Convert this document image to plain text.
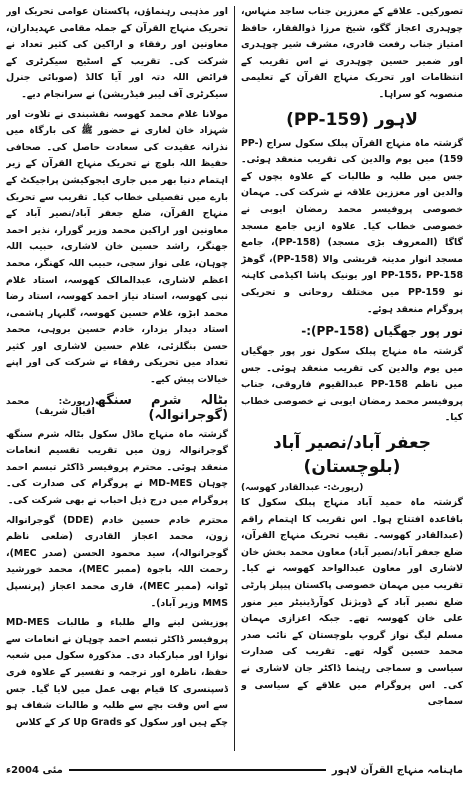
تصورکیں۔ علاقے کے معززین جناب ساجد منہاس، چوہدری اعجاز گگو، شیخ مرزا ذوالفقار، حافظ امتیاز جناب رفعت قادری، مشرف شیر چوہدری اور ضمیر حسین چوہدری نے اس تقریب کے انتظامات اور تحریک منہاج القرآن کے تعلیمی منصوبہ کو سراہا۔

لاہور (PP-159)

گزشتہ ماہ منہاج القرآن پبلک سکول سراج (PP-159) میں یوم والدین کی تقریب منعقد ہوئی۔ جس میں طلبہ و طالبات کے علاوہ بچوں کے والدین اور معززین علاقہ نے شرکت کی۔ مہمان خصوصی پروفیسر محمد رمضان ایوبی نے خصوصی خطاب کیا۔ علاوہ ازیں جامع مسجد گاگا (المعروف بڑی مسجد) (PP-158)، جامع مسجد انوار مدینہ قریشی والا (PP-158)، گوھڑ PP-155، PP-158 اور یونیک پاشا اکیڈمی کاہنہ نو PP-159 میں مختلف روحانی و تحریکی پروگرام منعقد ہوئے۔

نور پور جھگیاں (PP-158):-

گزشتہ ماہ منہاج پبلک سکول نور پور جھگیاں میں یوم والدین کی تقریب منعقد ہوئی۔ جس میں ناظم PP-158 عبدالقیوم فاروقی، جناب پروفیسر محمد رمضان ایوبی نے خصوصی خطاب کیا۔

جعفر آباد/نصیر آباد (بلوچستان)
(رپورٹ:- عبدالقادر کھوسہ)

گزشتہ ماہ حمید آباد منہاج پبلک سکول کا باقاعدہ افتتاح ہوا۔ اس تقریب کا اہتمام راقم (عبدالقادر کھوسہ۔ نقیب تحریک منہاج القرآن، ضلع جعفر آباد/نصیر آباد) معاون محمد بخش خان لاشاری اور معاون عبدالواحد کھوسہ نے کیا۔ تقریب میں مہمان خصوصی پاکستان پیپلز پارٹی ضلع نصیر آباد کے ڈویژنل کوآرڈینیٹر میر منور علی خان کھوسہ تھے۔ جبکہ اعزازی مہمان مسلم لیگ نواز گروپ بلوچستان کے نائب صدر محمد حسین گولہ تھے۔ تقریب کی صدارت سیاسی و سماجی رہنما ڈاکٹر جان لاشاری نے کی۔ اس پروگرام میں علاقے کے سیاسی و سماجی

اور مذہبی رہنماؤں، پاکستان عوامی تحریک اور تحریک منہاج القرآن کے جملہ مقامی عہدیداران، معاونین اور رفقاء و اراکین کی کثیر تعداد نے شرکت کی۔ تقریب کے اسٹیج سیکرٹری کے فرائض اللہ دتہ اور آیا کالڈ (صوبائی جنرل سیکرٹری آف لیبر فیڈریشن) نے سرانجام دیے۔

مولانا غلام محمد کھوسہ نقشبندی نے تلاوت اور شہزاد خان لغاری نے حضور ﷺ کی بارگاہ میں نذرانہ عقیدت کی سعادت حاصل کی۔ صحافی حفیظ اللہ بلوچ نے تحریک منہاج القرآن کے زیر اہتمام دنیا بھر میں جاری ایجوکیشن پراجیکٹ کے بارے میں تفصیلی خطاب کیا۔ تقریب سے تحریک منہاج القرآن، ضلع جعفر آباد/نصیر آباد کے معاونین اور اراکین محمد وزیر گورار، نذیر احمد جھنگر، راشد حسین خان لاشاری، حبیب اللہ چوہان، علی نواز سجی، حبیب اللہ کھنگر، محمد اعظم لاشاری، عبدالمالک کھوسہ، استاد غلام نبی کھوسہ، استاد نیاز احمد کھوسہ، استاد رضا محمد ابڑو، غلام حسین کھوسہ، گلبہار ہاشمی، استاد دیدار بزدار، خادم حسین بروہی، محمد حسن بنگلزئی، غلام حسین لاشاری اور کثیر تعداد میں تحریکی رفقاء نے شرکت کی اور اپنے خیالات پیش کیے۔

بٹالہ شرم سنگھ (گوجرانوالہ)
(رپورٹ: محمد اقبال شریف)

گزشتہ ماہ منہاج ماڈل سکول بٹالہ شرم سنگھ گوجرانوالہ زون میں تقریب تقسیم انعامات منعقد ہوئی۔ محترم پروفیسر ڈاکٹر تبسم احمد چوہان MD-MES نے پروگرام کی صدارت کی۔ پروگرام میں درج ذیل احباب نے بھی شرکت کی۔

محترم خادم حسین خادم (DDE) گوجرانوالہ زون، محمد اعجاز القادری (ضلعی ناظم گوجرانوالہ)، سید محمود الحسن (صدر MEC)، رحمت اللہ باجوہ (ممبر MEC)، محمد خورشید ٹوانہ (ممبر MEC)، قاری محمد اعجاز (پرنسپل MMS وزیر آباد)۔

پوزیشن لینے والے طلباء و طالبات MD-MES پروفیسر ڈاکٹر تبسم احمد چوہان نے انعامات سے نوازا اور مبارکباد دی۔ مذکورہ سکول میں شعبہ حفظ، ناظرہ اور ترجمہ و تفسیر کے علاوہ فری ڈسپنسری کا قیام بھی عمل میں لایا گیا۔ جس سے اس وقت بچے سے طلبہ و طالبات شفاف ہو چکے ہیں اور سکول کو Up Grads کر کے کلاس

مئی 2004ء	ماہنامہ منہاج القرآن لاہور
